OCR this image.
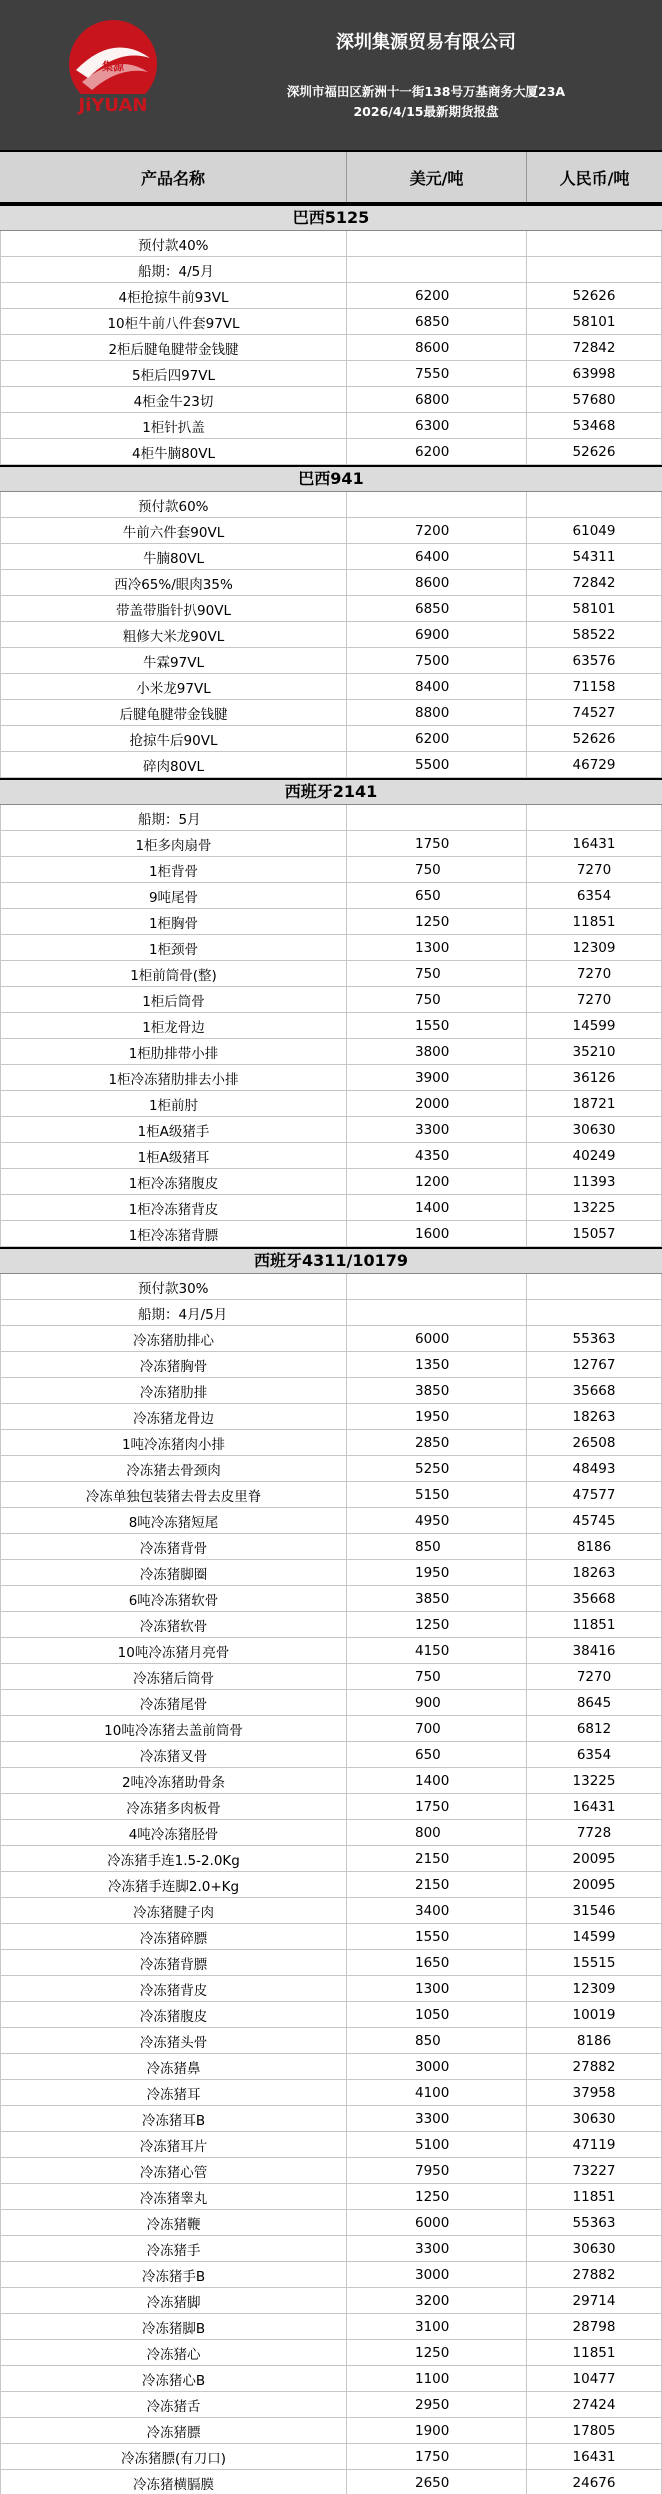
JiYUAN
集源
深圳集源贸易有限公司
深圳市福田区新洲十一街138号万基商务大厦23A
2026/4/15最新期货报盘
产品名称	美元/吨	人民币/吨
巴西5125
预付款40%
船期：4/5月
4柜抢掠牛前93VL	6200	52626
10柜牛前八件套97VL	6850	58101
2柜后腱龟腱带金钱腱	8600	72842
5柜后四97VL	7550	63998
4柜金牛23切	6800	57680
1柜针扒盖	6300	53468
4柜牛腩80VL	6200	52626
巴西941
预付款60%
牛前六件套90VL	7200	61049
牛腩80VL	6400	54311
西冷65%/眼肉35%	8600	72842
带盖带脂针扒90VL	6850	58101
粗修大米龙90VL	6900	58522
牛霖97VL	7500	63576
小米龙97VL	8400	71158
后腱龟腱带金钱腱	8800	74527
抢掠牛后90VL	6200	52626
碎肉80VL	5500	46729
西班牙2141
船期：5月
1柜多肉扇骨	1750	16431
1柜背骨	750	7270
9吨尾骨	650	6354
1柜胸骨	1250	11851
1柜颈骨	1300	12309
1柜前筒骨(整)	750	7270
1柜后筒骨	750	7270
1柜龙骨边	1550	14599
1柜肋排带小排	3800	35210
1柜冷冻猪肋排去小排	3900	36126
1柜前肘	2000	18721
1柜A级猪手	3300	30630
1柜A级猪耳	4350	40249
1柜冷冻猪腹皮	1200	11393
1柜冷冻猪背皮	1400	13225
1柜冷冻猪背膘	1600	15057
西班牙4311/10179
预付款30%
船期：4月/5月
冷冻猪肋排心	6000	55363
冷冻猪胸骨	1350	12767
冷冻猪肋排	3850	35668
冷冻猪龙骨边	1950	18263
1吨冷冻猪肉小排	2850	26508
冷冻猪去骨颈肉	5250	48493
冷冻单独包装猪去骨去皮里脊	5150	47577
8吨冷冻猪短尾	4950	45745
冷冻猪背骨	850	8186
冷冻猪脚圈	1950	18263
6吨冷冻猪软骨	3850	35668
冷冻猪软骨	1250	11851
10吨冷冻猪月亮骨	4150	38416
冷冻猪后筒骨	750	7270
冷冻猪尾骨	900	8645
10吨冷冻猪去盖前筒骨	700	6812
冷冻猪叉骨	650	6354
2吨冷冻猪助骨条	1400	13225
冷冻猪多肉板骨	1750	16431
4吨冷冻猪胫骨	800	7728
冷冻猪手连1.5-2.0Kg	2150	20095
冷冻猪手连脚2.0+Kg	2150	20095
冷冻猪腱子肉	3400	31546
冷冻猪碎膘	1550	14599
冷冻猪背膘	1650	15515
冷冻猪背皮	1300	12309
冷冻猪腹皮	1050	10019
冷冻猪头骨	850	8186
冷冻猪鼻	3000	27882
冷冻猪耳	4100	37958
冷冻猪耳B	3300	30630
冷冻猪耳片	5100	47119
冷冻猪心管	7950	73227
冷冻猪睾丸	1250	11851
冷冻猪鞭	6000	55363
冷冻猪手	3300	30630
冷冻猪手B	3000	27882
冷冻猪脚	3200	29714
冷冻猪脚B	3100	28798
冷冻猪心	1250	11851
冷冻猪心B	1100	10477
冷冻猪舌	2950	27424
冷冻猪膘	1900	17805
冷冻猪膘(有刀口)	1750	16431
冷冻猪横膈膜	2650	24676
